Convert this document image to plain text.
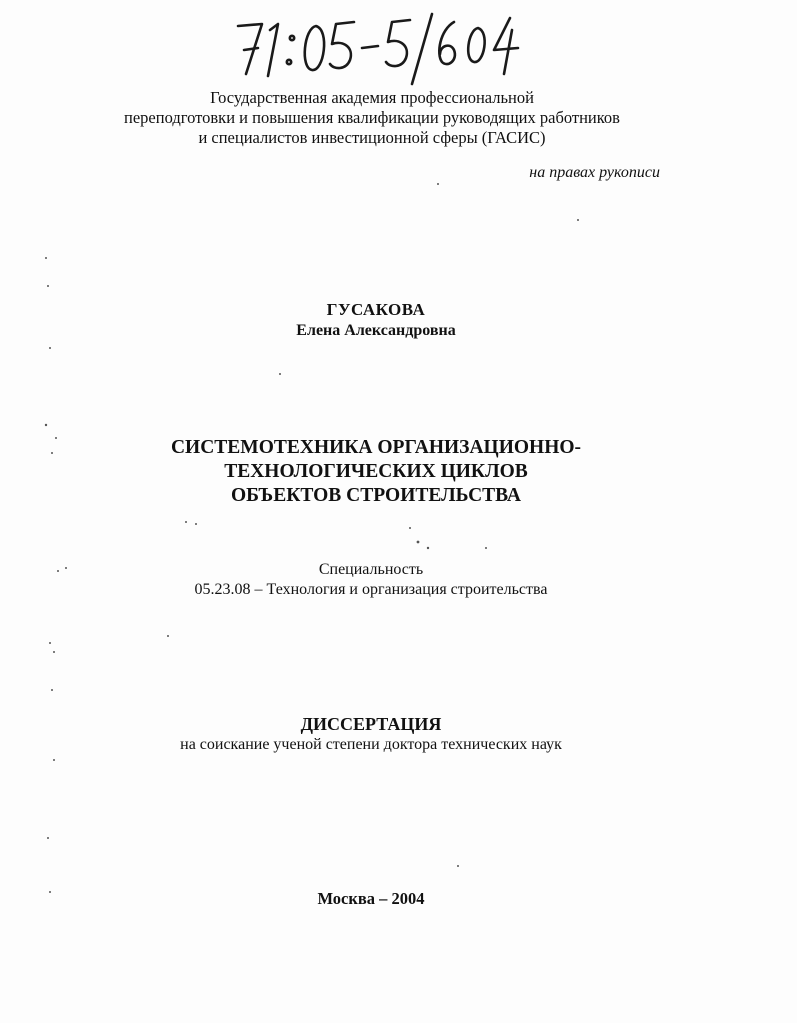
Государственная академия профессиональной
переподготовки и повышения квалификации руководящих работников
и специалистов инвестиционной сферы (ГАСИС)
на правах рукописи
ГУСАКОВА
Елена Александровна
СИСТЕМОТЕХНИКА ОРГАНИЗАЦИОННО-
ТЕХНОЛОГИЧЕСКИХ ЦИКЛОВ
ОБЪЕКТОВ СТРОИТЕЛЬСТВА
Специальность
05.23.08 – Технология и организация строительства
ДИССЕРТАЦИЯ
на соискание ученой степени доктора технических наук
Москва – 2004
